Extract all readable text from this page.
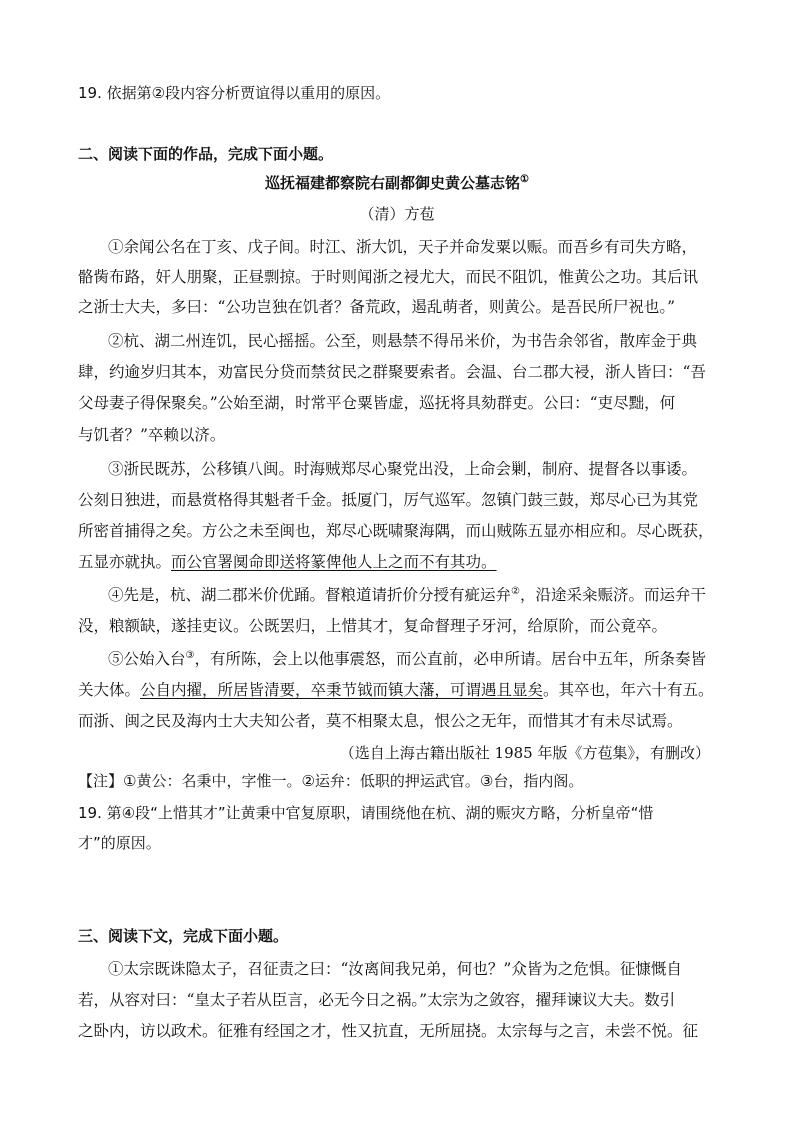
19. 依据第②段内容分析贾谊得以重用的原因。
二、阅读下面的作品，完成下面小题。
巡抚福建都察院右副都御史黄公墓志铭①
（清）方苞
①余闻公名在丁亥、戊子间。时江、浙大饥，天子并命发粟以赈。而吾乡有司失方略，
骼胔布路，奸人朋聚，正昼剽掠。于时则闻浙之祲尤大，而民不阻饥，惟黄公之功。其后讯
之浙士大夫，多曰：“公功岂独在饥者？备荒政，遏乱萌者，则黄公。是吾民所尸祝也。”
②杭、湖二州连饥，民心摇摇。公至，则悬禁不得吊米价，为书告余邻省，散库金于典
肆，约逾岁归其本，劝富民分贷而禁贫民之群聚要索者。会温、台二郡大祲，浙人皆曰：“吾
父母妻子得保聚矣。”公始至湖，时常平仓粟皆虚，巡抚将具劾群吏。公曰：“吏尽黜，何
与饥者？”卒赖以济。
③浙民既苏，公移镇八闽。时海贼郑尽心聚党出没，上命会剿，制府、提督各以事诿。
公刻日独进，而悬赏格得其魁者千金。抵厦门，厉气巡军。忽镇门鼓三鼓，郑尽心已为其党
所密首捕得之矣。方公之未至闽也，郑尽心既啸聚海隅，而山贼陈五显亦相应和。尽心既获，
五显亦就执。而公官署阒命即送将篆俾他人上之而不有其功。
④先是，杭、湖二郡米价优踊。督粮道请折价分授有疵运弁②，沿途采籴赈济。而运弁干
没，粮额缺，遂挂吏议。公既罢归，上惜其才，复命督理子牙河，给原阶，而公竟卒。
⑤公始入台③，有所陈，会上以他事震怒，而公直前，必申所请。居台中五年，所条奏皆
关大体。公自内擢，所居皆清要，卒秉节钺而镇大藩，可谓遇且显矣。其卒也，年六十有五。
而浙、闽之民及海内士大夫知公者，莫不相聚太息，恨公之无年，而惜其才有未尽试焉。
（选自上海古籍出版社 1985 年版《方苞集》，有删改）
【注】①黄公：名秉中，字惟一。②运弁：低职的押运武官。③台，指内阁。
19. 第④段“上惜其才”让黄秉中官复原职，请围绕他在杭、湖的赈灾方略，分析皇帝“惜
才”的原因。
三、阅读下文，完成下面小题。
①太宗既诛隐太子，召征责之曰：“汝离间我兄弟，何也？”众皆为之危惧。征慷慨自
若，从容对曰：“皇太子若从臣言，必无今日之祸。”太宗为之敛容，擢拜谏议大夫。数引
之卧内，访以政术。征雅有经国之才，性又抗直，无所屈挠。太宗每与之言，未尝不悦。征
